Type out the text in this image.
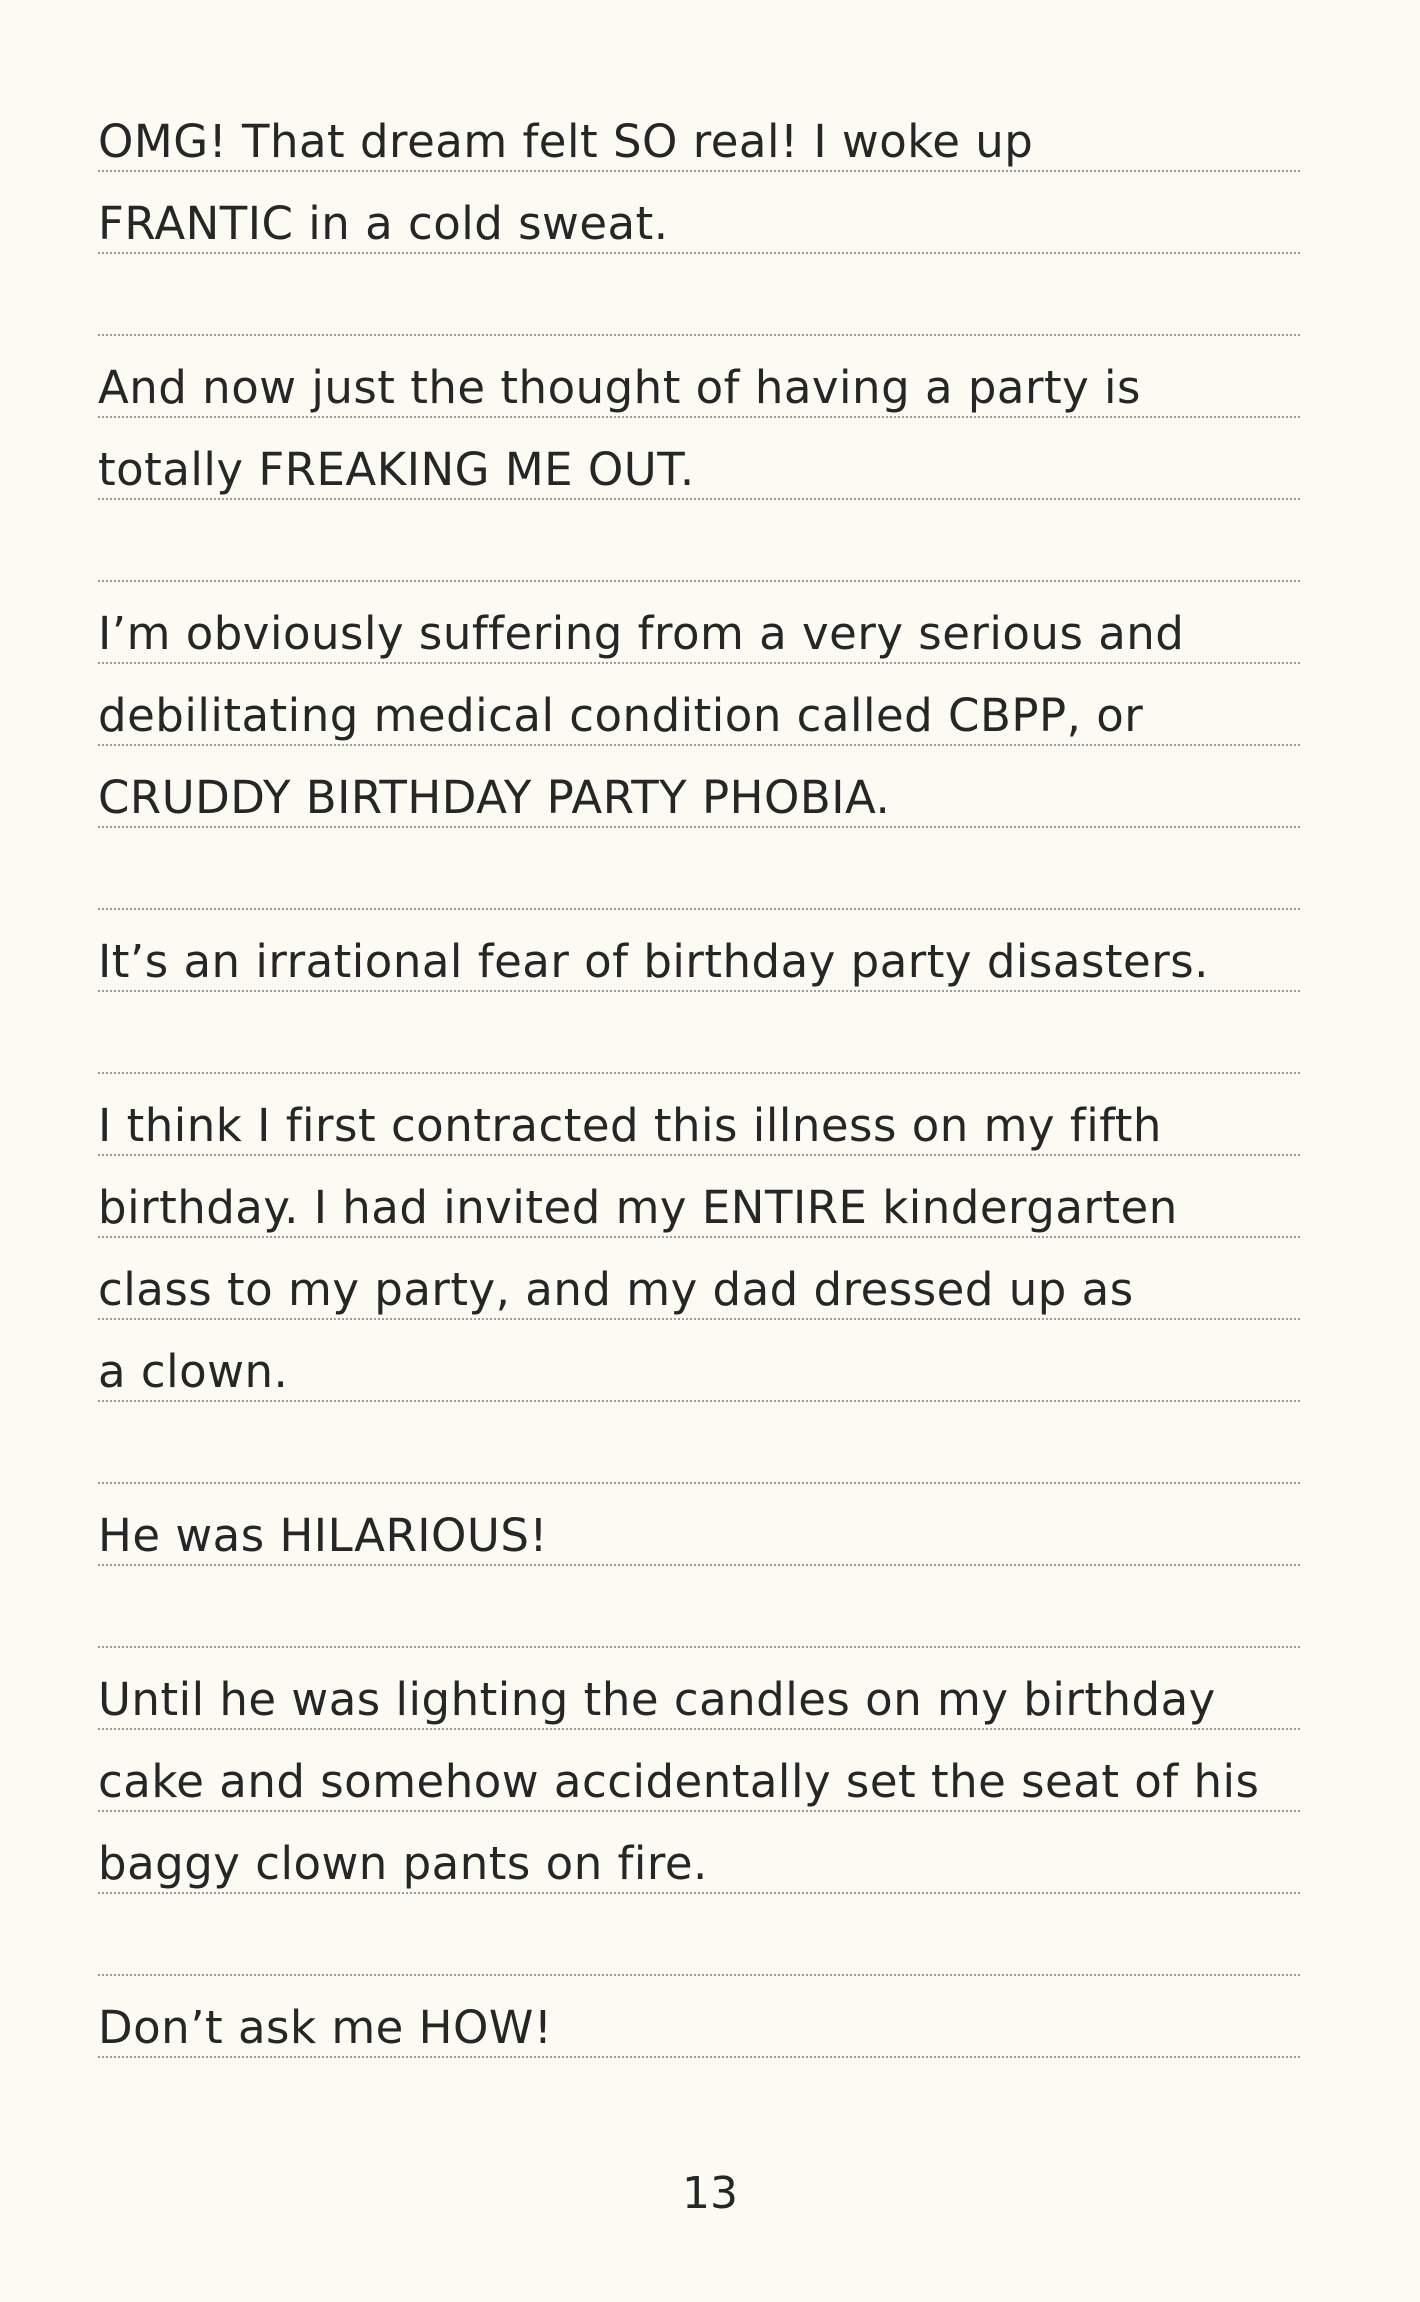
OMG! That dream felt SO real! I woke up
FRANTIC in a cold sweat.
And now just the thought of having a party is
totally FREAKING ME OUT.
I’m obviously suffering from a very serious and
debilitating medical condition called CBPP, or
CRUDDY BIRTHDAY PARTY PHOBIA.
It’s an irrational fear of birthday party disasters.
I think I first contracted this illness on my fifth
birthday. I had invited my ENTIRE kindergarten
class to my party, and my dad dressed up as
a clown.
He was HILARIOUS!
Until he was lighting the candles on my birthday
cake and somehow accidentally set the seat of his
baggy clown pants on fire.
Don’t ask me HOW!
13
